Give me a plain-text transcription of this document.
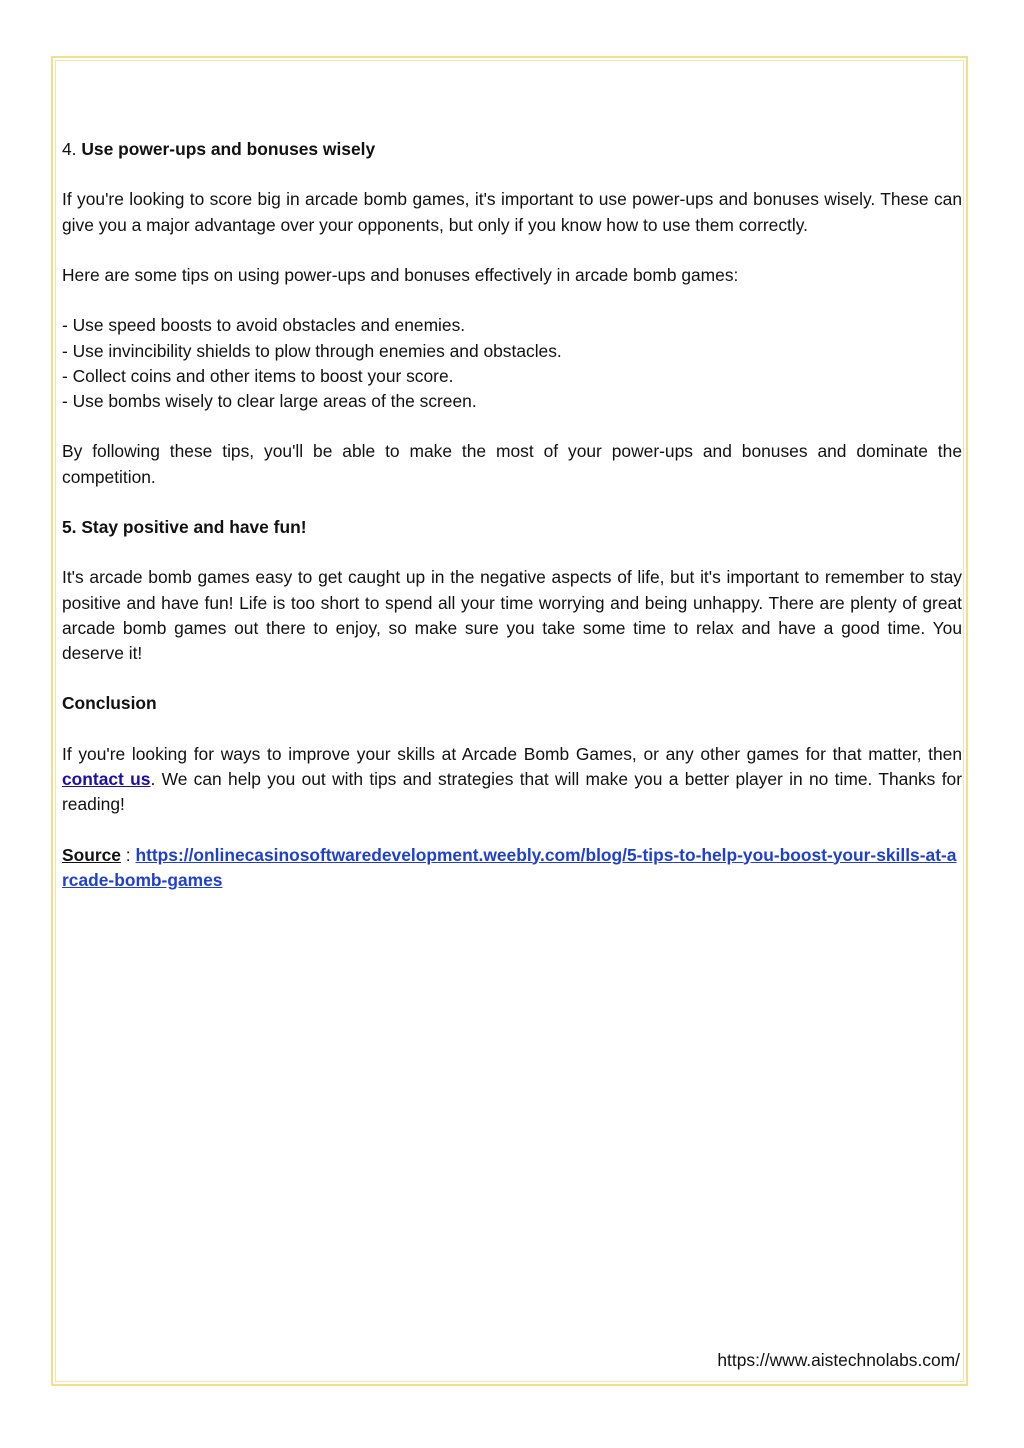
4. Use power-ups and bonuses wisely

If you're looking to score big in arcade bomb games, it's important to use power-ups and bonuses wisely. These can give you a major advantage over your opponents, but only if you know how to use them correctly.

Here are some tips on using power-ups and bonuses effectively in arcade bomb games:

- Use speed boosts to avoid obstacles and enemies.
- Use invincibility shields to plow through enemies and obstacles.
- Collect coins and other items to boost your score.
- Use bombs wisely to clear large areas of the screen.

By following these tips, you'll be able to make the most of your power-ups and bonuses and dominate the competition.

5. Stay positive and have fun!

It's arcade bomb games easy to get caught up in the negative aspects of life, but it's important to remember to stay positive and have fun! Life is too short to spend all your time worrying and being unhappy. There are plenty of great arcade bomb games out there to enjoy, so make sure you take some time to relax and have a good time. You deserve it!

Conclusion

If you're looking for ways to improve your skills at Arcade Bomb Games, or any other games for that matter, then contact us. We can help you out with tips and strategies that will make you a better player in no time. Thanks for reading!

Source : https://onlinecasinosoftwaredevelopment.weebly.com/blog/5-tips-to-help-you-boost-your-skills-at-arcade-bomb-games

https://www.aistechnolabs.com/
